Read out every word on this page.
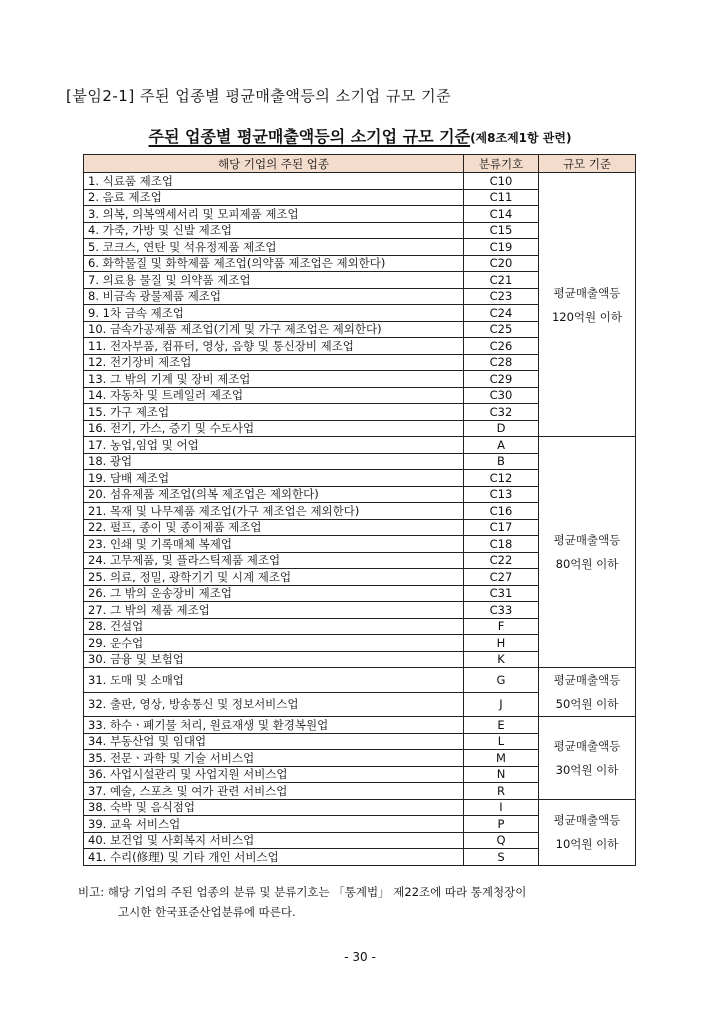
[붙임2-1] 주된 업종별 평균매출액등의 소기업 규모 기준
주된 업종별 평균매출액등의 소기업 규모 기준(제8조제1항 관련)
해당 기업의 주된 업종	분류기호	규모 기준
1. 식료품 제조업	C10	평균매출액등
120억원 이하
2. 음료 제조업	C11	
3. 의복, 의복액세서리 및 모피제품 제조업	C14	
4. 가죽, 가방 및 신발 제조업	C15	
5. 코크스, 연탄 및 석유정제품 제조업	C19	
6. 화학물질 및 화학제품 제조업(의약품 제조업은 제외한다)	C20	
7. 의료용 물질 및 의약품 제조업	C21	
8. 비금속 광물제품 제조업	C23	
9. 1차 금속 제조업	C24	
10. 금속가공제품 제조업(기계 및 가구 제조업은 제외한다)	C25	
11. 전자부품, 컴퓨터, 영상, 음향 및 통신장비 제조업	C26	
12. 전기장비 제조업	C28	
13. 그 밖의 기계 및 장비 제조업	C29	
14. 자동차 및 트레일러 제조업	C30	
15. 가구 제조업	C32	
16. 전기, 가스, 증기 및 수도사업	D	
17. 농업,임업 및 어업	A	평균매출액등
80억원 이하
18. 광업	B	
19. 담배 제조업	C12	
20. 섬유제품 제조업(의복 제조업은 제외한다)	C13	
21. 목재 및 나무제품 제조업(가구 제조업은 제외한다)	C16	
22. 펄프, 종이 및 종이제품 제조업	C17	
23. 인쇄 및 기록매체 복제업	C18	
24. 고무제품, 및 플라스틱제품 제조업	C22	
25. 의료, 정밀, 광학기기 및 시계 제조업	C27	
26. 그 밖의 운송장비 제조업	C31	
27. 그 밖의 제품 제조업	C33	
28. 건설업	F	
29. 운수업	H	
30. 금융 및 보험업	K	
31. 도매 및 소매업	G	평균매출액등
50억원 이하
32. 출판, 영상, 방송통신 및 정보서비스업	J	
33. 하수ㆍ폐기물 처리, 원료재생 및 환경복원업	E	평균매출액등
30억원 이하
34. 부동산업 및 임대업	L	
35. 전문ㆍ과학 및 기술 서비스업	M	
36. 사업시설관리 및 사업지원 서비스업	N	
37. 예술, 스포츠 및 여가 관련 서비스업	R	
38. 숙박 및 음식점업	I	평균매출액등
10억원 이하
39. 교육 서비스업	P	
40. 보건업 및 사회복지 서비스업	Q	
41. 수리(修理) 및 기타 개인 서비스업	S	
비고: 해당 기업의 주된 업종의 분류 및 분류기호는 「통계법」 제22조에 따라 통계청장이
고시한 한국표준산업분류에 따른다.
- 30 -
